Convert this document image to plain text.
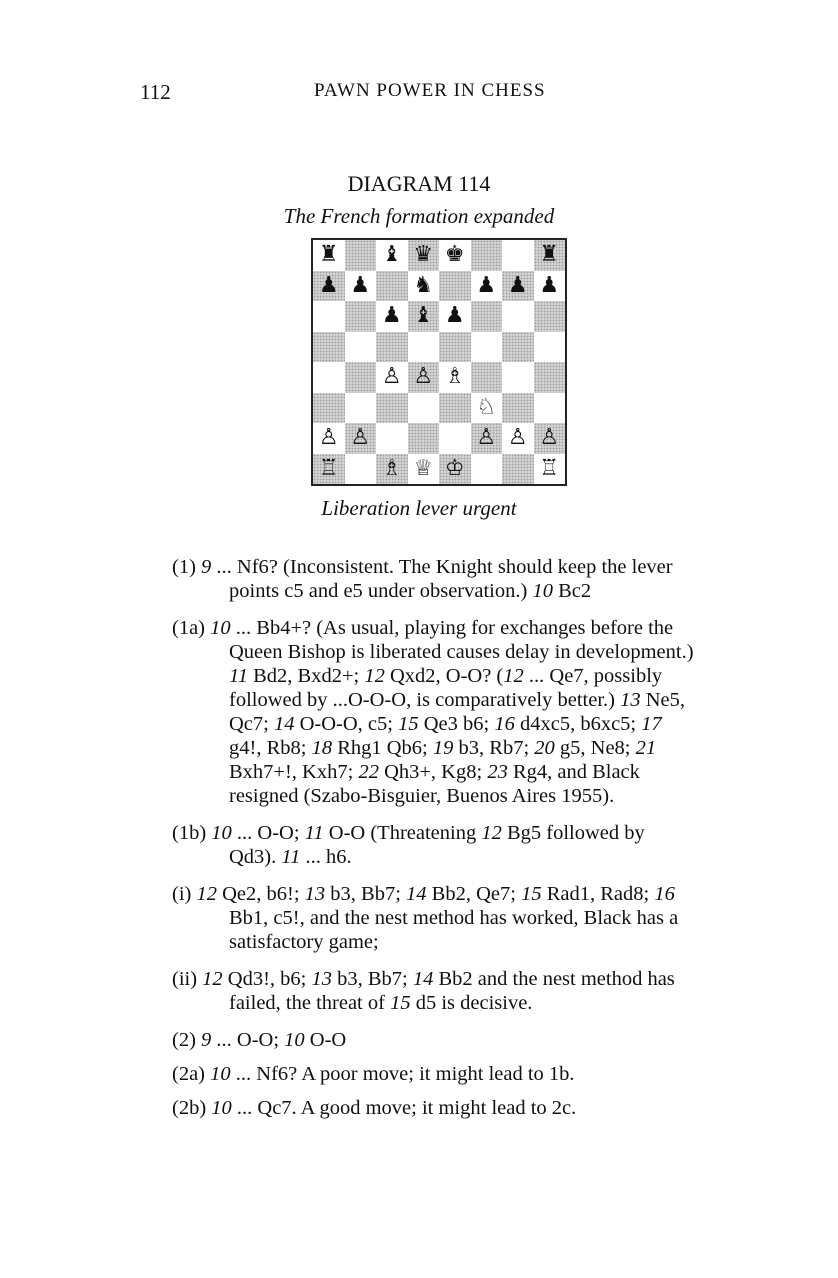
112	PAWN POWER IN CHESS
DIAGRAM 114
The French formation expanded
♜ ♝ ♛ ♚	♜
♟ ♟ ♞ ♟ ♟ ♟
♟ ♝ ♟
♙ ♙ ♗
♘
♙ ♙	♙ ♙ ♙
♖ ♗ ♕ ♔	♖
Liberation lever urgent

(1) 9 ... Nf6? (Inconsistent. The Knight should keep the lever points c5 and e5 under observation.) 10 Bc2

(1a) 10 ... Bb4+? (As usual, playing for exchanges before the Queen Bishop is liberated causes delay in development.) 11 Bd2, Bxd2+; 12 Qxd2, O-O? (12 ... Qe7, possibly followed by ...O-O-O, is comparatively better.) 13 Ne5, Qc7; 14 O-O-O, c5; 15 Qe3 b6; 16 d4xc5, b6xc5; 17 g4!, Rb8; 18 Rhg1 Qb6; 19 b3, Rb7; 20 g5, Ne8; 21 Bxh7+!, Kxh7; 22 Qh3+, Kg8; 23 Rg4, and Black resigned (Szabo-Bisguier, Buenos Aires 1955).

(1b) 10 ... O-O; 11 O-O (Threatening 12 Bg5 followed by Qd3). 11 ... h6.

(i) 12 Qe2, b6!; 13 b3, Bb7; 14 Bb2, Qe7; 15 Rad1, Rad8; 16 Bb1, c5!, and the nest method has worked, Black has a satisfactory game;

(ii) 12 Qd3!, b6; 13 b3, Bb7; 14 Bb2 and the nest method has failed, the threat of 15 d5 is decisive.

(2) 9 ... O-O; 10 O-O

(2a) 10 ... Nf6? A poor move; it might lead to 1b.

(2b) 10 ... Qc7. A good move; it might lead to 2c.
